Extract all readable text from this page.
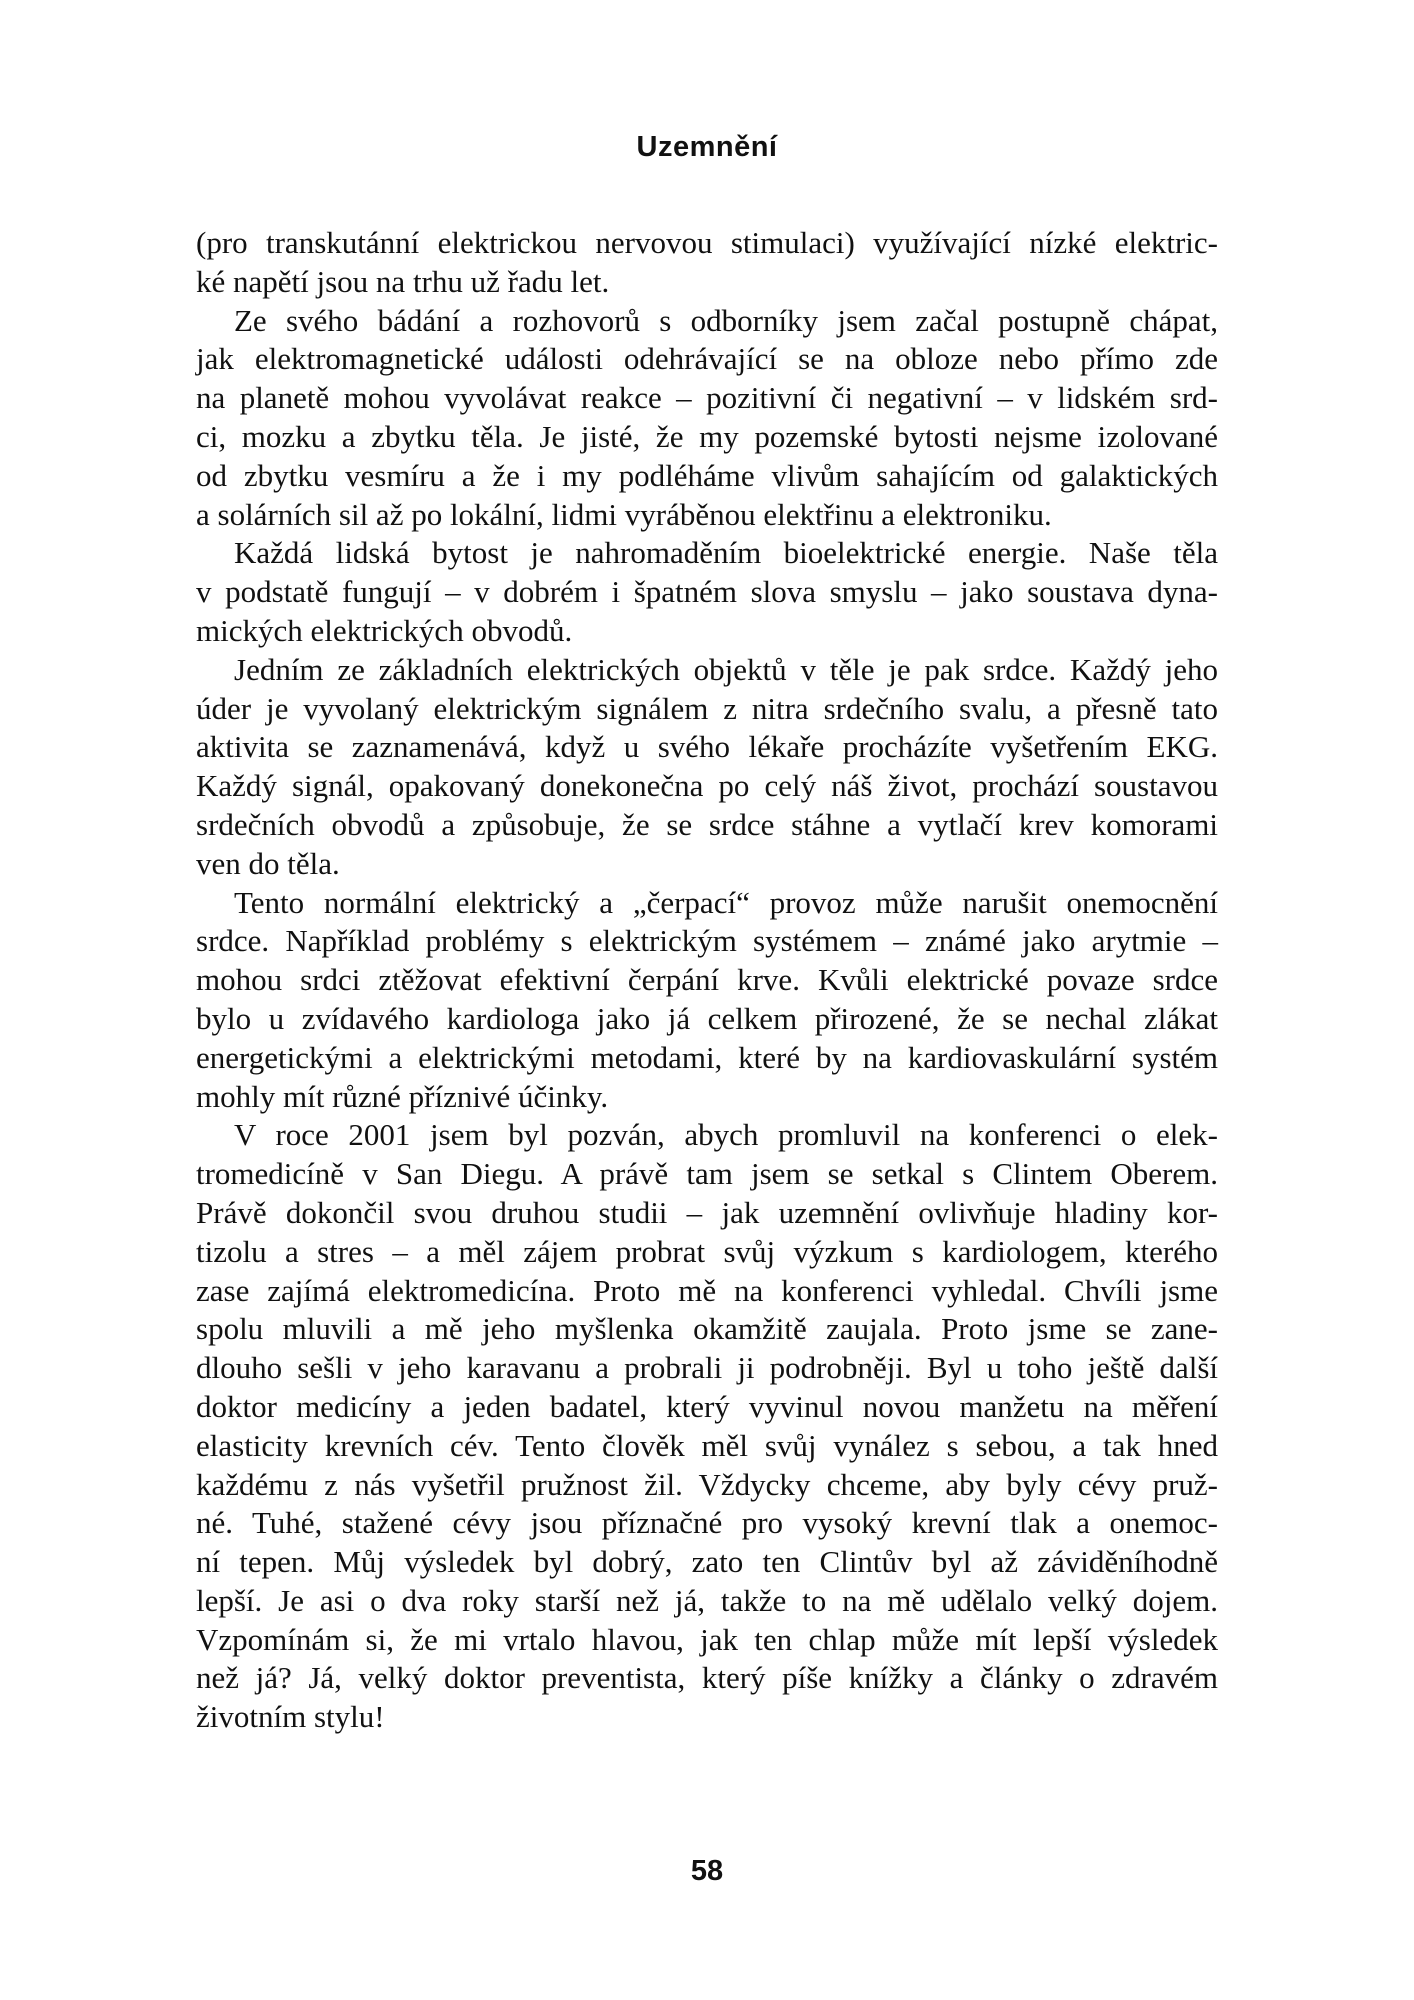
Uzemnění
(pro transkutánní elektrickou nervovou stimulaci) využívající nízké elektric-
ké napětí jsou na trhu už řadu let.
Ze svého bádání a rozhovorů s odborníky jsem začal postupně chápat,
jak elektromagnetické události odehrávající se na obloze nebo přímo zde
na planetě mohou vyvolávat reakce – pozitivní či negativní – v lidském srd-
ci, mozku a zbytku těla. Je jisté, že my pozemské bytosti nejsme izolované
od zbytku vesmíru a že i my podléháme vlivům sahajícím od galaktických
a solárních sil až po lokální, lidmi vyráběnou elektřinu a elektroniku.
Každá lidská bytost je nahromaděním bioelektrické energie. Naše těla
v podstatě fungují – v dobrém i špatném slova smyslu – jako soustava dyna-
mických elektrických obvodů.
Jedním ze základních elektrických objektů v těle je pak srdce. Každý jeho
úder je vyvolaný elektrickým signálem z nitra srdečního svalu, a přesně tato
aktivita se zaznamenává, když u svého lékaře procházíte vyšetřením EKG.
Každý signál, opakovaný donekonečna po celý náš život, prochází soustavou
srdečních obvodů a způsobuje, že se srdce stáhne a vytlačí krev komorami
ven do těla.
Tento normální elektrický a „čerpací“ provoz může narušit onemocnění
srdce. Například problémy s elektrickým systémem – známé jako arytmie –
mohou srdci ztěžovat efektivní čerpání krve. Kvůli elektrické povaze srdce
bylo u zvídavého kardiologa jako já celkem přirozené, že se nechal zlákat
energetickými a elektrickými metodami, které by na kardiovaskulární systém
mohly mít různé příznivé účinky.
V roce 2001 jsem byl pozván, abych promluvil na konferenci o elek-
tromedicíně v San Diegu. A právě tam jsem se setkal s Clintem Oberem.
Právě dokončil svou druhou studii – jak uzemnění ovlivňuje hladiny kor-
tizolu a stres – a měl zájem probrat svůj výzkum s kardiologem, kterého
zase zajímá elektromedicína. Proto mě na konferenci vyhledal. Chvíli jsme
spolu mluvili a mě jeho myšlenka okamžitě zaujala. Proto jsme se zane-
dlouho sešli v jeho karavanu a probrali ji podrobněji. Byl u toho ještě další
doktor medicíny a jeden badatel, který vyvinul novou manžetu na měření
elasticity krevních cév. Tento člověk měl svůj vynález s sebou, a tak hned
každému z nás vyšetřil pružnost žil. Vždycky chceme, aby byly cévy pruž-
né. Tuhé, stažené cévy jsou příznačné pro vysoký krevní tlak a onemoc-
ní tepen. Můj výsledek byl dobrý, zato ten Clintův byl až záviděníhodně
lepší. Je asi o dva roky starší než já, takže to na mě udělalo velký dojem.
Vzpomínám si, že mi vrtalo hlavou, jak ten chlap může mít lepší výsledek
než já? Já, velký doktor preventista, který píše knížky a články o zdravém
životním stylu!
58
